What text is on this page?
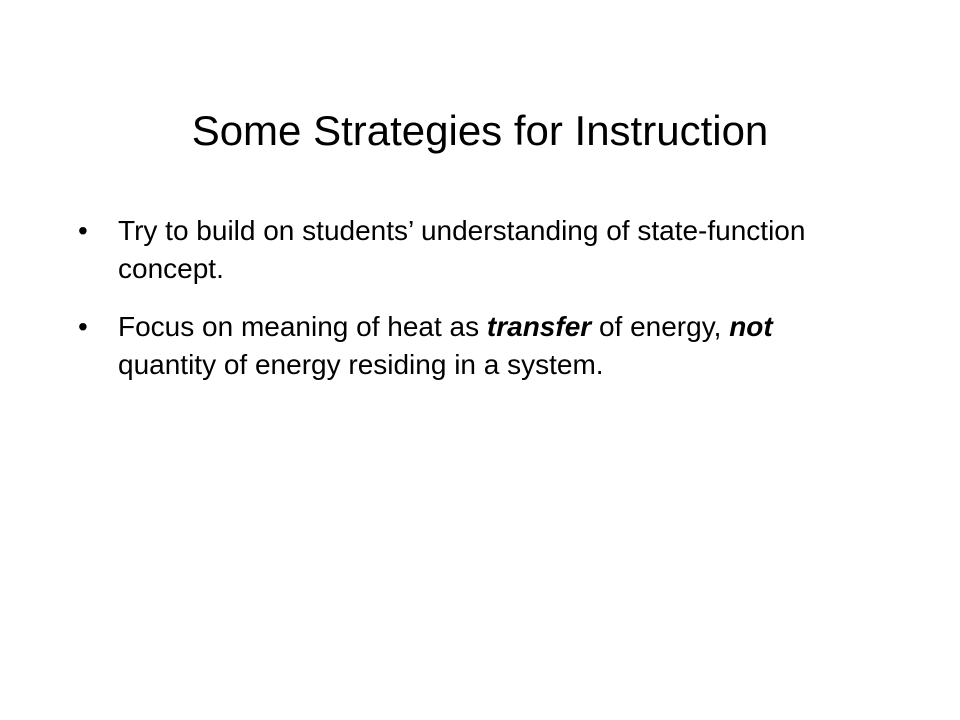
Some Strategies for Instruction
•	Try to build on students’ understanding of state-function concept.
•	Focus on meaning of heat as transfer of energy, not quantity of energy residing in a system.
